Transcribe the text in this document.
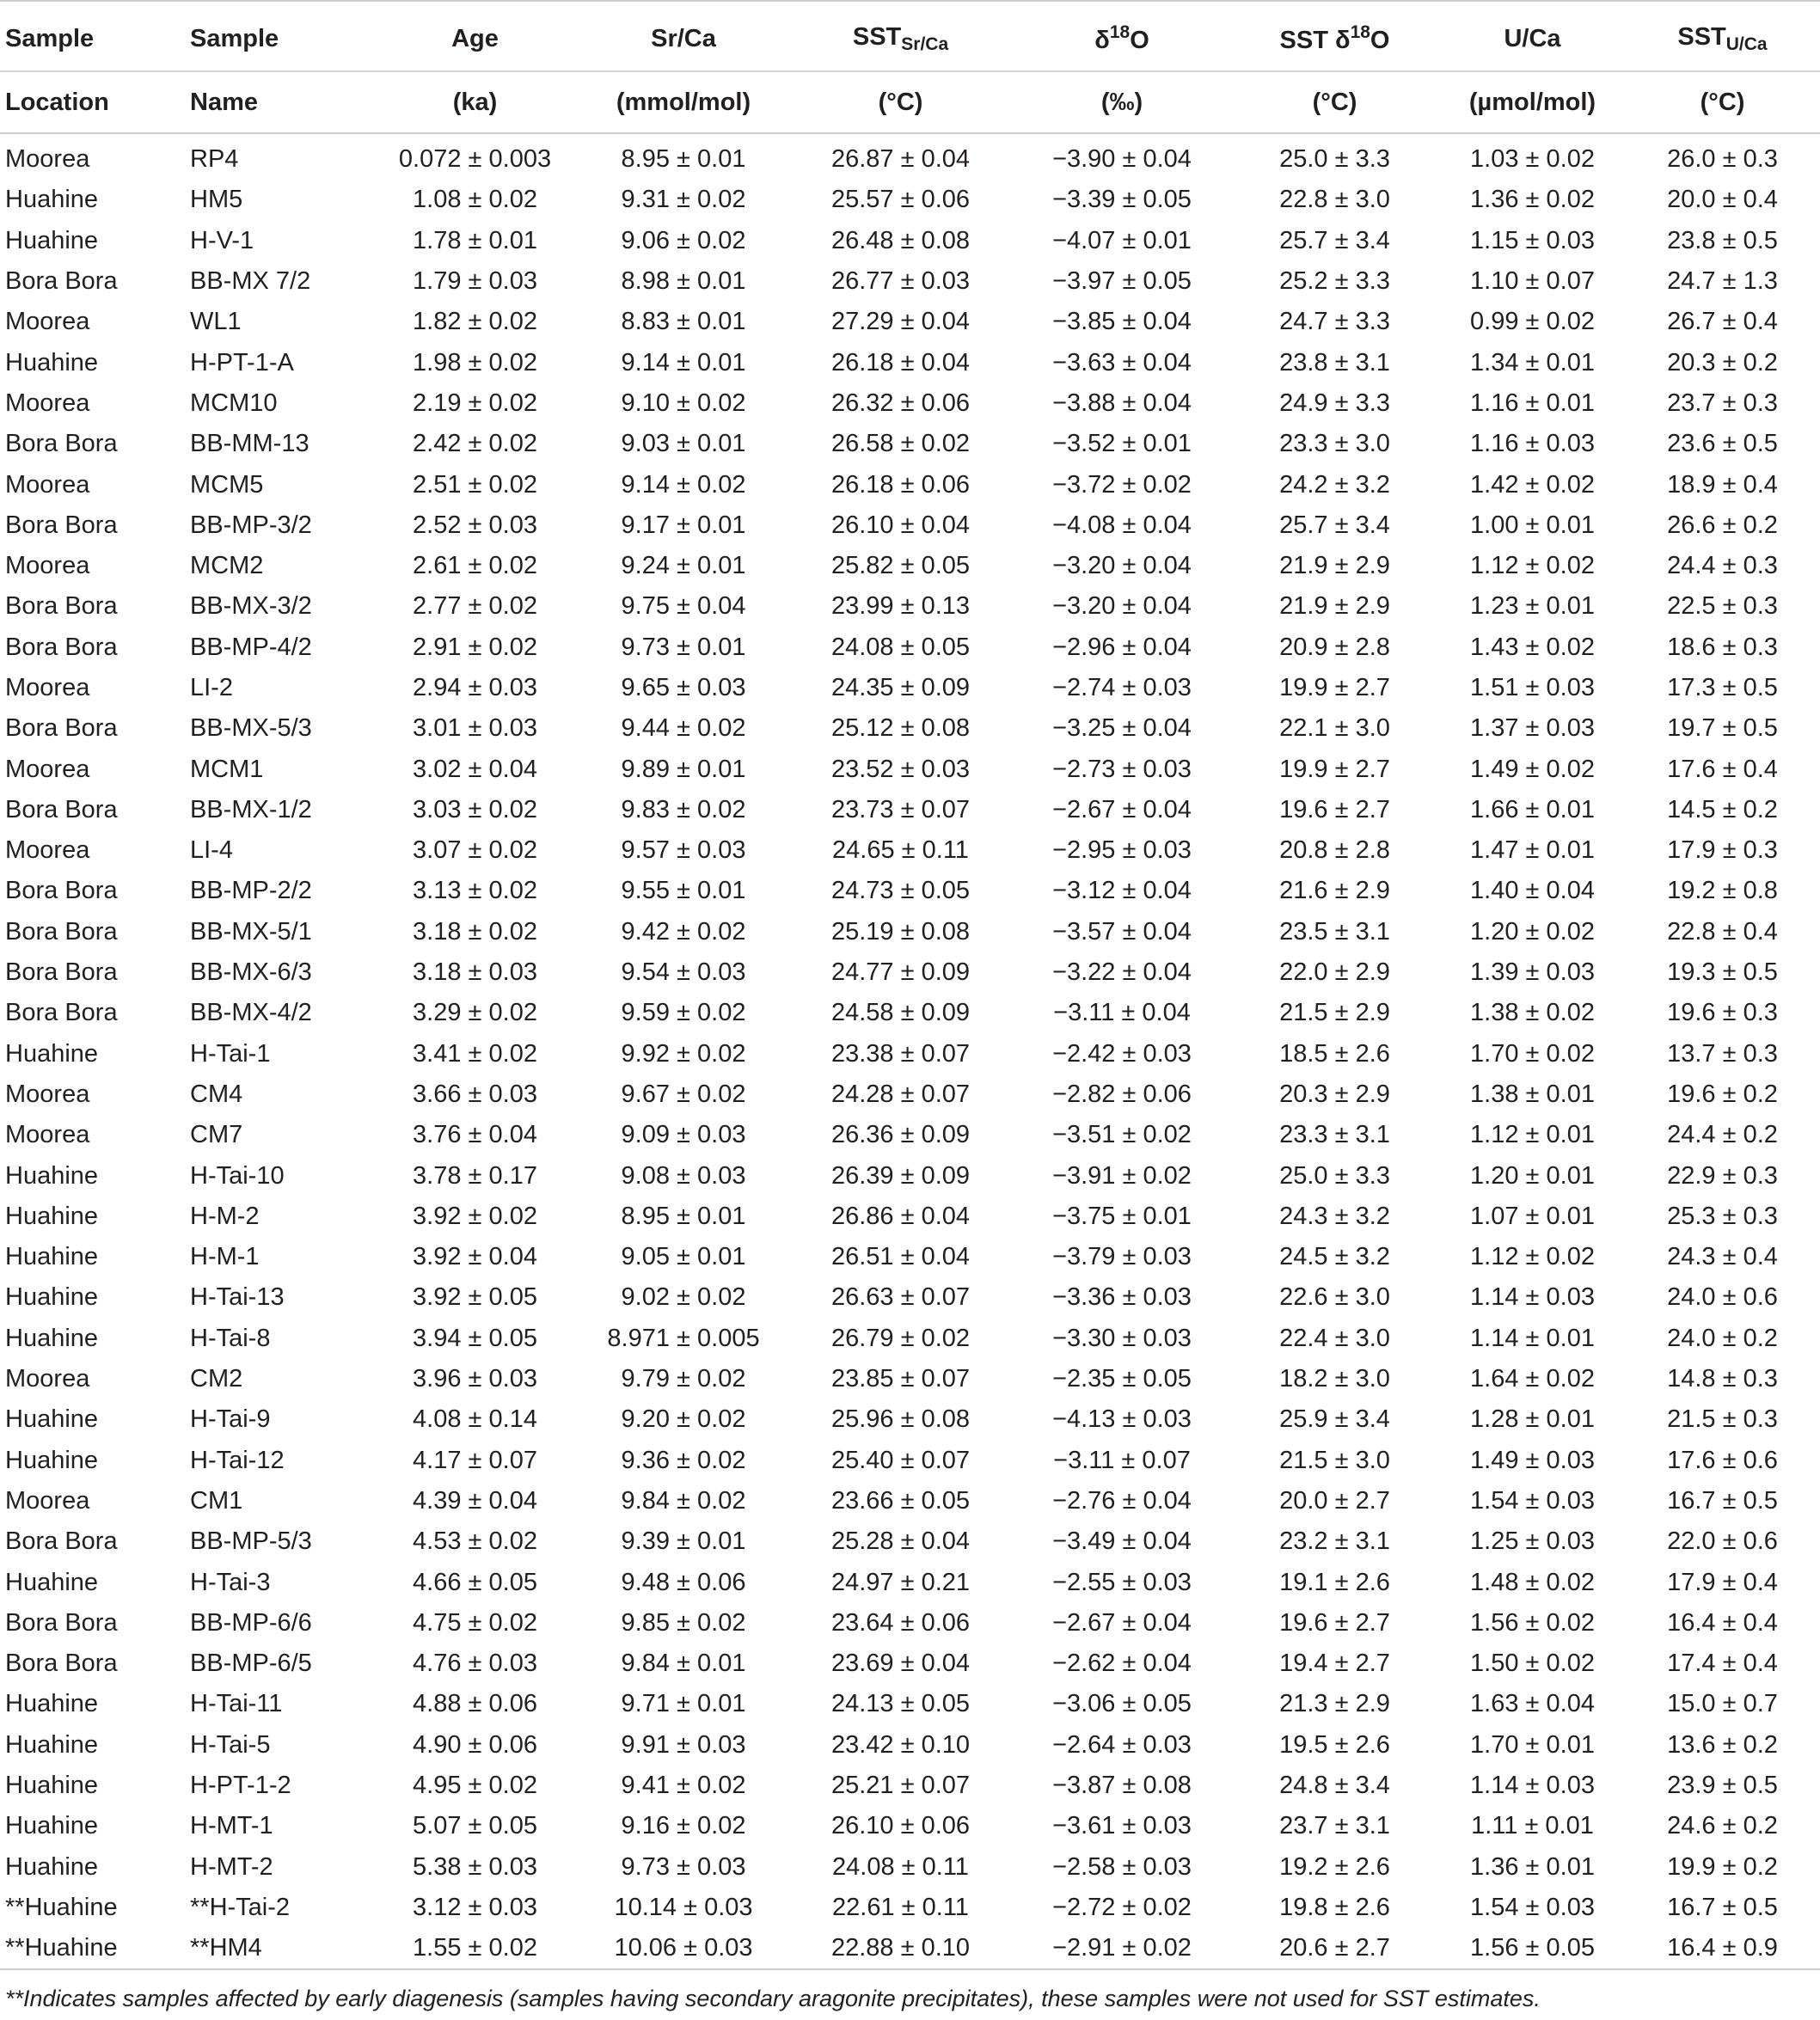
Sample	Sample	Age	Sr/Ca	$SST_{Sr/Ca}$	$\delta^{18}O$	SST $\delta^{18}O$	U/Ca	$SST_{U/Ca}$
Location	Name	(ka)	(mmol/mol)	(°C)	(‰)	(°C)	(µmol/mol)	(°C)
Moorea	RP4	0.072 ± 0.003	8.95 ± 0.01	26.87 ± 0.04	−3.90 ± 0.04	25.0 ± 3.3	1.03 ± 0.02	26.0 ± 0.3
Huahine	HM5	1.08 ± 0.02	9.31 ± 0.02	25.57 ± 0.06	−3.39 ± 0.05	22.8 ± 3.0	1.36 ± 0.02	20.0 ± 0.4
Huahine	H-V-1	1.78 ± 0.01	9.06 ± 0.02	26.48 ± 0.08	−4.07 ± 0.01	25.7 ± 3.4	1.15 ± 0.03	23.8 ± 0.5
Bora Bora	BB-MX 7/2	1.79 ± 0.03	8.98 ± 0.01	26.77 ± 0.03	−3.97 ± 0.05	25.2 ± 3.3	1.10 ± 0.07	24.7 ± 1.3
Moorea	WL1	1.82 ± 0.02	8.83 ± 0.01	27.29 ± 0.04	−3.85 ± 0.04	24.7 ± 3.3	0.99 ± 0.02	26.7 ± 0.4
Huahine	H-PT-1-A	1.98 ± 0.02	9.14 ± 0.01	26.18 ± 0.04	−3.63 ± 0.04	23.8 ± 3.1	1.34 ± 0.01	20.3 ± 0.2
Moorea	MCM10	2.19 ± 0.02	9.10 ± 0.02	26.32 ± 0.06	−3.88 ± 0.04	24.9 ± 3.3	1.16 ± 0.01	23.7 ± 0.3
Bora Bora	BB-MM-13	2.42 ± 0.02	9.03 ± 0.01	26.58 ± 0.02	−3.52 ± 0.01	23.3 ± 3.0	1.16 ± 0.03	23.6 ± 0.5
Moorea	MCM5	2.51 ± 0.02	9.14 ± 0.02	26.18 ± 0.06	−3.72 ± 0.02	24.2 ± 3.2	1.42 ± 0.02	18.9 ± 0.4
Bora Bora	BB-MP-3/2	2.52 ± 0.03	9.17 ± 0.01	26.10 ± 0.04	−4.08 ± 0.04	25.7 ± 3.4	1.00 ± 0.01	26.6 ± 0.2
Moorea	MCM2	2.61 ± 0.02	9.24 ± 0.01	25.82 ± 0.05	−3.20 ± 0.04	21.9 ± 2.9	1.12 ± 0.02	24.4 ± 0.3
Bora Bora	BB-MX-3/2	2.77 ± 0.02	9.75 ± 0.04	23.99 ± 0.13	−3.20 ± 0.04	21.9 ± 2.9	1.23 ± 0.01	22.5 ± 0.3
Bora Bora	BB-MP-4/2	2.91 ± 0.02	9.73 ± 0.01	24.08 ± 0.05	−2.96 ± 0.04	20.9 ± 2.8	1.43 ± 0.02	18.6 ± 0.3
Moorea	LI-2	2.94 ± 0.03	9.65 ± 0.03	24.35 ± 0.09	−2.74 ± 0.03	19.9 ± 2.7	1.51 ± 0.03	17.3 ± 0.5
Bora Bora	BB-MX-5/3	3.01 ± 0.03	9.44 ± 0.02	25.12 ± 0.08	−3.25 ± 0.04	22.1 ± 3.0	1.37 ± 0.03	19.7 ± 0.5
Moorea	MCM1	3.02 ± 0.04	9.89 ± 0.01	23.52 ± 0.03	−2.73 ± 0.03	19.9 ± 2.7	1.49 ± 0.02	17.6 ± 0.4
Bora Bora	BB-MX-1/2	3.03 ± 0.02	9.83 ± 0.02	23.73 ± 0.07	−2.67 ± 0.04	19.6 ± 2.7	1.66 ± 0.01	14.5 ± 0.2
Moorea	LI-4	3.07 ± 0.02	9.57 ± 0.03	24.65 ± 0.11	−2.95 ± 0.03	20.8 ± 2.8	1.47 ± 0.01	17.9 ± 0.3
Bora Bora	BB-MP-2/2	3.13 ± 0.02	9.55 ± 0.01	24.73 ± 0.05	−3.12 ± 0.04	21.6 ± 2.9	1.40 ± 0.04	19.2 ± 0.8
Bora Bora	BB-MX-5/1	3.18 ± 0.02	9.42 ± 0.02	25.19 ± 0.08	−3.57 ± 0.04	23.5 ± 3.1	1.20 ± 0.02	22.8 ± 0.4
Bora Bora	BB-MX-6/3	3.18 ± 0.03	9.54 ± 0.03	24.77 ± 0.09	−3.22 ± 0.04	22.0 ± 2.9	1.39 ± 0.03	19.3 ± 0.5
Bora Bora	BB-MX-4/2	3.29 ± 0.02	9.59 ± 0.02	24.58 ± 0.09	−3.11 ± 0.04	21.5 ± 2.9	1.38 ± 0.02	19.6 ± 0.3
Huahine	H-Tai-1	3.41 ± 0.02	9.92 ± 0.02	23.38 ± 0.07	−2.42 ± 0.03	18.5 ± 2.6	1.70 ± 0.02	13.7 ± 0.3
Moorea	CM4	3.66 ± 0.03	9.67 ± 0.02	24.28 ± 0.07	−2.82 ± 0.06	20.3 ± 2.9	1.38 ± 0.01	19.6 ± 0.2
Moorea	CM7	3.76 ± 0.04	9.09 ± 0.03	26.36 ± 0.09	−3.51 ± 0.02	23.3 ± 3.1	1.12 ± 0.01	24.4 ± 0.2
Huahine	H-Tai-10	3.78 ± 0.17	9.08 ± 0.03	26.39 ± 0.09	−3.91 ± 0.02	25.0 ± 3.3	1.20 ± 0.01	22.9 ± 0.3
Huahine	H-M-2	3.92 ± 0.02	8.95 ± 0.01	26.86 ± 0.04	−3.75 ± 0.01	24.3 ± 3.2	1.07 ± 0.01	25.3 ± 0.3
Huahine	H-M-1	3.92 ± 0.04	9.05 ± 0.01	26.51 ± 0.04	−3.79 ± 0.03	24.5 ± 3.2	1.12 ± 0.02	24.3 ± 0.4
Huahine	H-Tai-13	3.92 ± 0.05	9.02 ± 0.02	26.63 ± 0.07	−3.36 ± 0.03	22.6 ± 3.0	1.14 ± 0.03	24.0 ± 0.6
Huahine	H-Tai-8	3.94 ± 0.05	8.971 ± 0.005	26.79 ± 0.02	−3.30 ± 0.03	22.4 ± 3.0	1.14 ± 0.01	24.0 ± 0.2
Moorea	CM2	3.96 ± 0.03	9.79 ± 0.02	23.85 ± 0.07	−2.35 ± 0.05	18.2 ± 3.0	1.64 ± 0.02	14.8 ± 0.3
Huahine	H-Tai-9	4.08 ± 0.14	9.20 ± 0.02	25.96 ± 0.08	−4.13 ± 0.03	25.9 ± 3.4	1.28 ± 0.01	21.5 ± 0.3
Huahine	H-Tai-12	4.17 ± 0.07	9.36 ± 0.02	25.40 ± 0.07	−3.11 ± 0.07	21.5 ± 3.0	1.49 ± 0.03	17.6 ± 0.6
Moorea	CM1	4.39 ± 0.04	9.84 ± 0.02	23.66 ± 0.05	−2.76 ± 0.04	20.0 ± 2.7	1.54 ± 0.03	16.7 ± 0.5
Bora Bora	BB-MP-5/3	4.53 ± 0.02	9.39 ± 0.01	25.28 ± 0.04	−3.49 ± 0.04	23.2 ± 3.1	1.25 ± 0.03	22.0 ± 0.6
Huahine	H-Tai-3	4.66 ± 0.05	9.48 ± 0.06	24.97 ± 0.21	−2.55 ± 0.03	19.1 ± 2.6	1.48 ± 0.02	17.9 ± 0.4
Bora Bora	BB-MP-6/6	4.75 ± 0.02	9.85 ± 0.02	23.64 ± 0.06	−2.67 ± 0.04	19.6 ± 2.7	1.56 ± 0.02	16.4 ± 0.4
Bora Bora	BB-MP-6/5	4.76 ± 0.03	9.84 ± 0.01	23.69 ± 0.04	−2.62 ± 0.04	19.4 ± 2.7	1.50 ± 0.02	17.4 ± 0.4
Huahine	H-Tai-11	4.88 ± 0.06	9.71 ± 0.01	24.13 ± 0.05	−3.06 ± 0.05	21.3 ± 2.9	1.63 ± 0.04	15.0 ± 0.7
Huahine	H-Tai-5	4.90 ± 0.06	9.91 ± 0.03	23.42 ± 0.10	−2.64 ± 0.03	19.5 ± 2.6	1.70 ± 0.01	13.6 ± 0.2
Huahine	H-PT-1-2	4.95 ± 0.02	9.41 ± 0.02	25.21 ± 0.07	−3.87 ± 0.08	24.8 ± 3.4	1.14 ± 0.03	23.9 ± 0.5
Huahine	H-MT-1	5.07 ± 0.05	9.16 ± 0.02	26.10 ± 0.06	−3.61 ± 0.03	23.7 ± 3.1	1.11 ± 0.01	24.6 ± 0.2
Huahine	H-MT-2	5.38 ± 0.03	9.73 ± 0.03	24.08 ± 0.11	−2.58 ± 0.03	19.2 ± 2.6	1.36 ± 0.01	19.9 ± 0.2
**Huahine	**H-Tai-2	3.12 ± 0.03	10.14 ± 0.03	22.61 ± 0.11	−2.72 ± 0.02	19.8 ± 2.6	1.54 ± 0.03	16.7 ± 0.5
**Huahine	**HM4	1.55 ± 0.02	10.06 ± 0.03	22.88 ± 0.10	−2.91 ± 0.02	20.6 ± 2.7	1.56 ± 0.05	16.4 ± 0.9
**Indicates samples affected by early diagenesis (samples having secondary aragonite precipitates), these samples were not used for SST estimates.
